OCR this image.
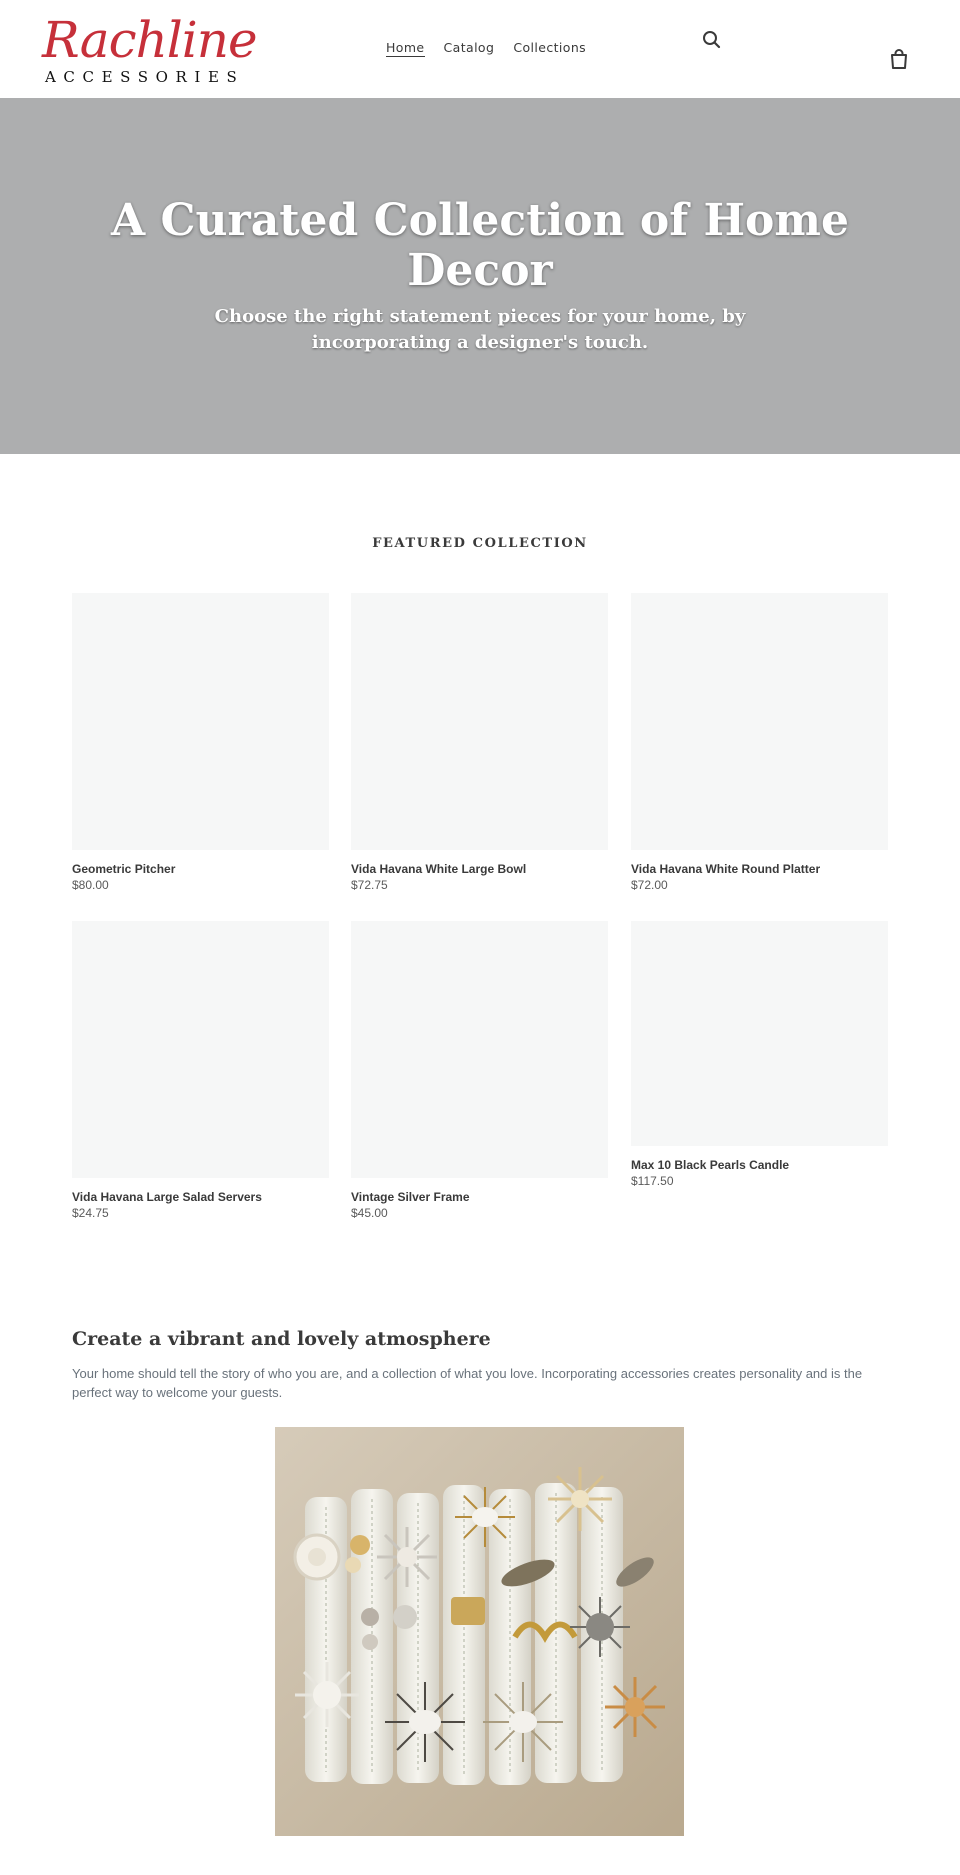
Rachline
ACCESSORIES
Home Catalog Collections
A Curated Collection of Home Decor

Choose the right statement pieces for your home, by incorporating a designer's touch.

FEATURED COLLECTION
Geometric Pitcher
$80.00
Vida Havana White Large Bowl
$72.75
Vida Havana White Round Platter
$72.00
Vida Havana Large Salad Servers
$24.75
Vintage Silver Frame
$45.00
Max 10 Black Pearls Candle
$117.50
Create a vibrant and lovely atmosphere

Your home should tell the story of who you are, and a collection of what you love. Incorporating accessories creates personality and is the perfect way to welcome your guests.
